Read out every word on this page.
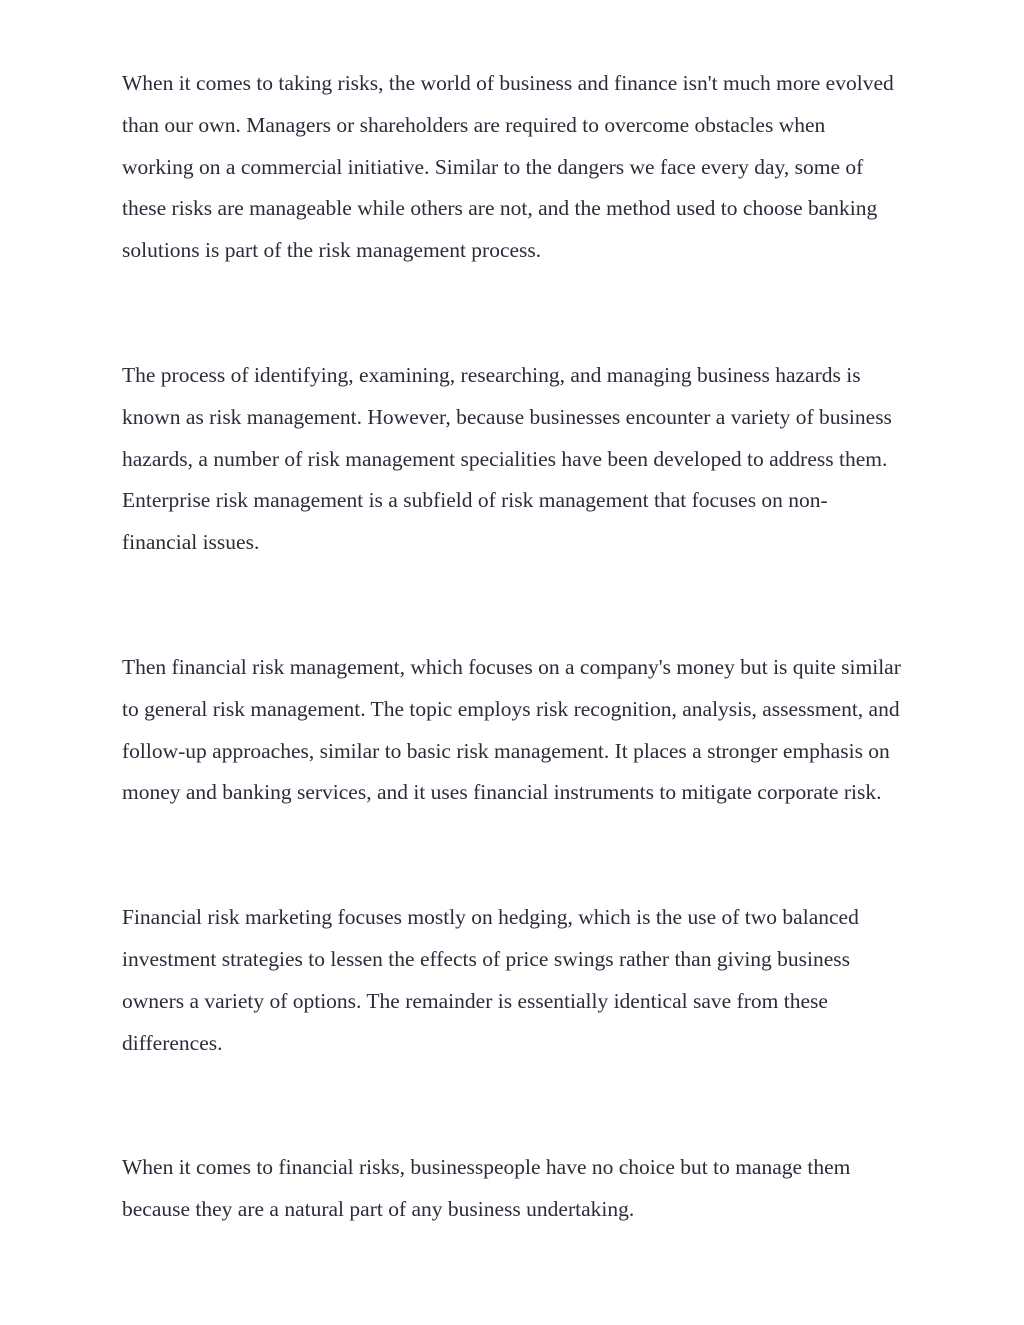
When it comes to taking risks, the world of business and finance isn't much more evolved than our own. Managers or shareholders are required to overcome obstacles when working on a commercial initiative. Similar to the dangers we face every day, some of these risks are manageable while others are not, and the method used to choose banking solutions is part of the risk management process.

The process of identifying, examining, researching, and managing business hazards is known as risk management. However, because businesses encounter a variety of business hazards, a number of risk management specialities have been developed to address them. Enterprise risk management is a subfield of risk management that focuses on non-financial issues.

Then financial risk management, which focuses on a company's money but is quite similar to general risk management. The topic employs risk recognition, analysis, assessment, and follow-up approaches, similar to basic risk management. It places a stronger emphasis on money and banking services, and it uses financial instruments to mitigate corporate risk.

Financial risk marketing focuses mostly on hedging, which is the use of two balanced investment strategies to lessen the effects of price swings rather than giving business owners a variety of options. The remainder is essentially identical save from these differences.

When it comes to financial risks, businesspeople have no choice but to manage them because they are a natural part of any business undertaking.
